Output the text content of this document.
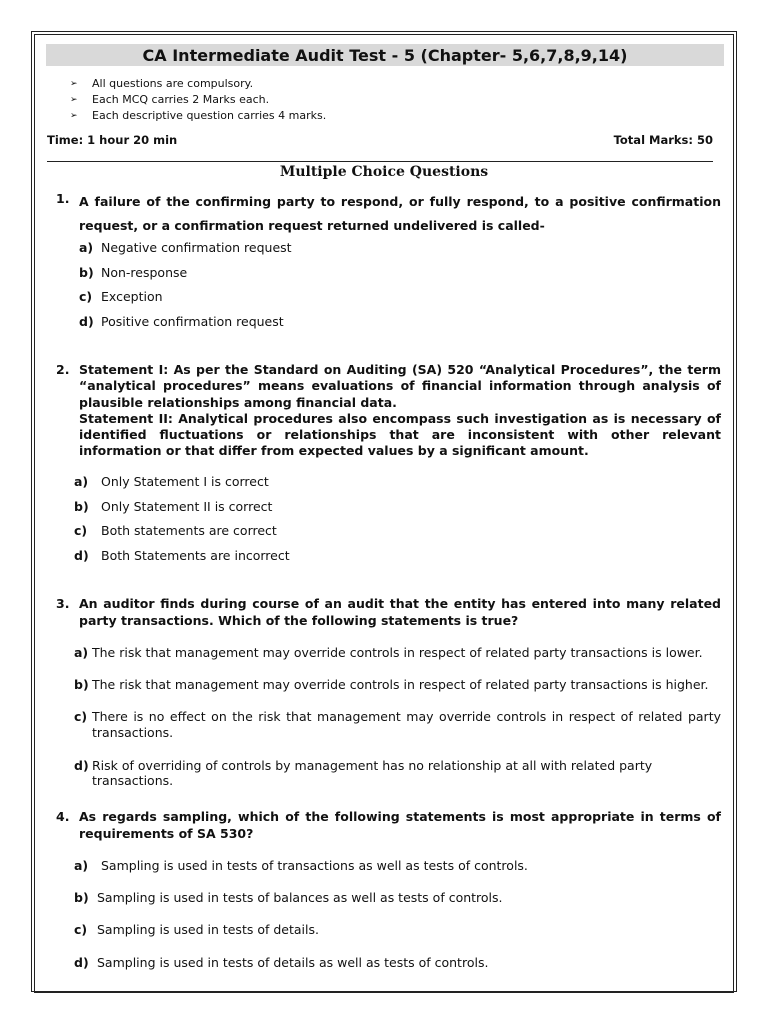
CA Intermediate Audit Test - 5 (Chapter- 5,6,7,8,9,14)
➢	All questions are compulsory.
➢	Each MCQ carries 2 Marks each.
➢	Each descriptive question carries 4 marks.
Time: 1 hour 20 min	Total Marks: 50
Multiple Choice Questions
1. A failure of the confirming party to respond, or fully respond, to a positive confirmation request, or a confirmation request returned undelivered is called-
a) Negative confirmation request
b) Non-response
c) Exception
d) Positive confirmation request
2. Statement I: As per the Standard on Auditing (SA) 520 “Analytical Procedures”, the term “analytical procedures” means evaluations of financial information through analysis of plausible relationships among financial data.
Statement II: Analytical procedures also encompass such investigation as is necessary of identified fluctuations or relationships that are inconsistent with other relevant information or that differ from expected values by a significant amount.
a)	Only Statement I is correct
b) Only Statement II is correct
c)	Both statements are correct
d) Both Statements are incorrect
3. An auditor finds during course of an audit that the entity has entered into many related party transactions. Which of the following statements is true?
a) The risk that management may override controls in respect of related party transactions is lower.
b) The risk that management may override controls in respect of related party transactions is higher.
c) There is no effect on the risk that management may override controls in respect of related party transactions.
d) Risk of overriding of controls by management has no relationship at all with related party transactions.
4. As regards sampling, which of the following statements is most appropriate in terms of requirements of SA 530?
a)	Sampling is used in tests of transactions as well as tests of controls.
b) Sampling is used in tests of balances as well as tests of controls.
c) Sampling is used in tests of details.
d) Sampling is used in tests of details as well as tests of controls.
